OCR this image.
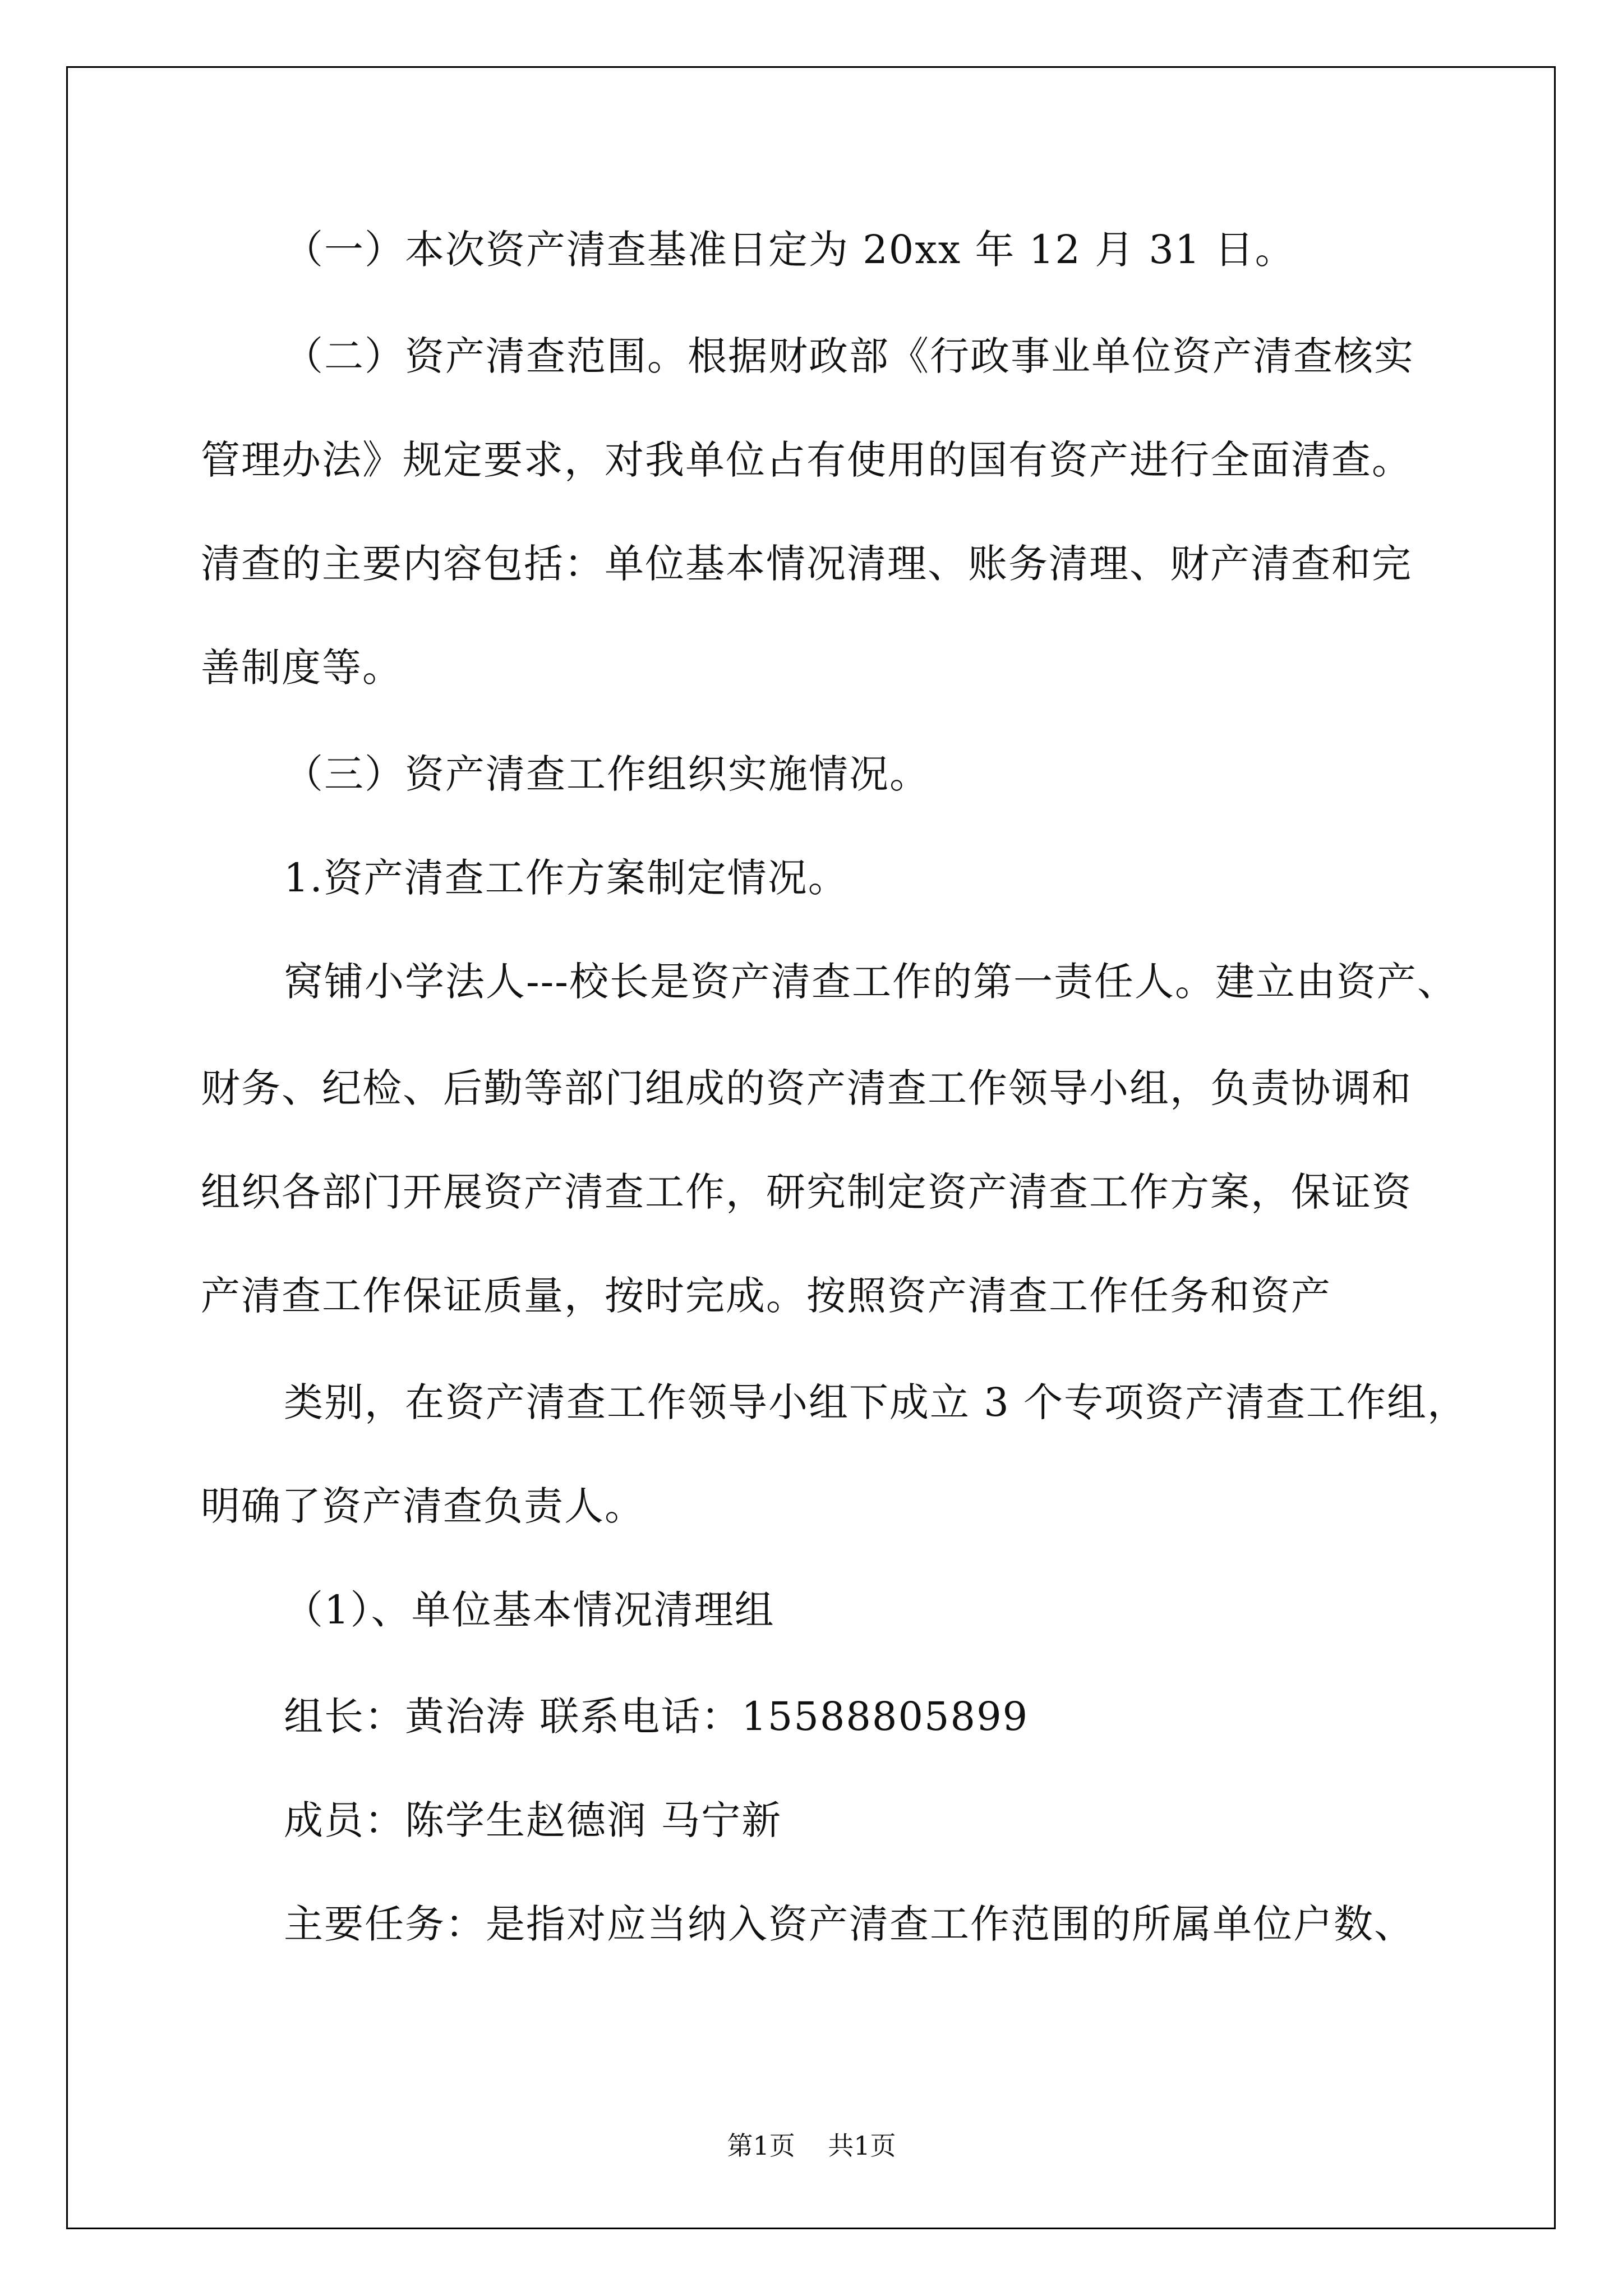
（一）本次资产清查基准日定为 20xx 年 12 月 31 日。
（二）资产清查范围。根据财政部《行政事业单位资产清查核实
管理办法》规定要求，对我单位占有使用的国有资产进行全面清查。
清查的主要内容包括：单位基本情况清理、账务清理、财产清查和完
善制度等。
（三）资产清查工作组织实施情况。
1.资产清查工作方案制定情况。
窝铺小学法人---校长是资产清查工作的第一责任人。建立由资产、
财务、纪检、后勤等部门组成的资产清查工作领导小组，负责协调和
组织各部门开展资产清查工作，研究制定资产清查工作方案，保证资
产清查工作保证质量，按时完成。按照资产清查工作任务和资产
类别，在资产清查工作领导小组下成立 3 个专项资产清查工作组，
明确了资产清查负责人。
（1）、单位基本情况清理组
组长：黄治涛 联系电话：15588805899
成员：陈学生赵德润 马宁新
主要任务：是指对应当纳入资产清查工作范围的所属单位户数、
第1页    共1页
